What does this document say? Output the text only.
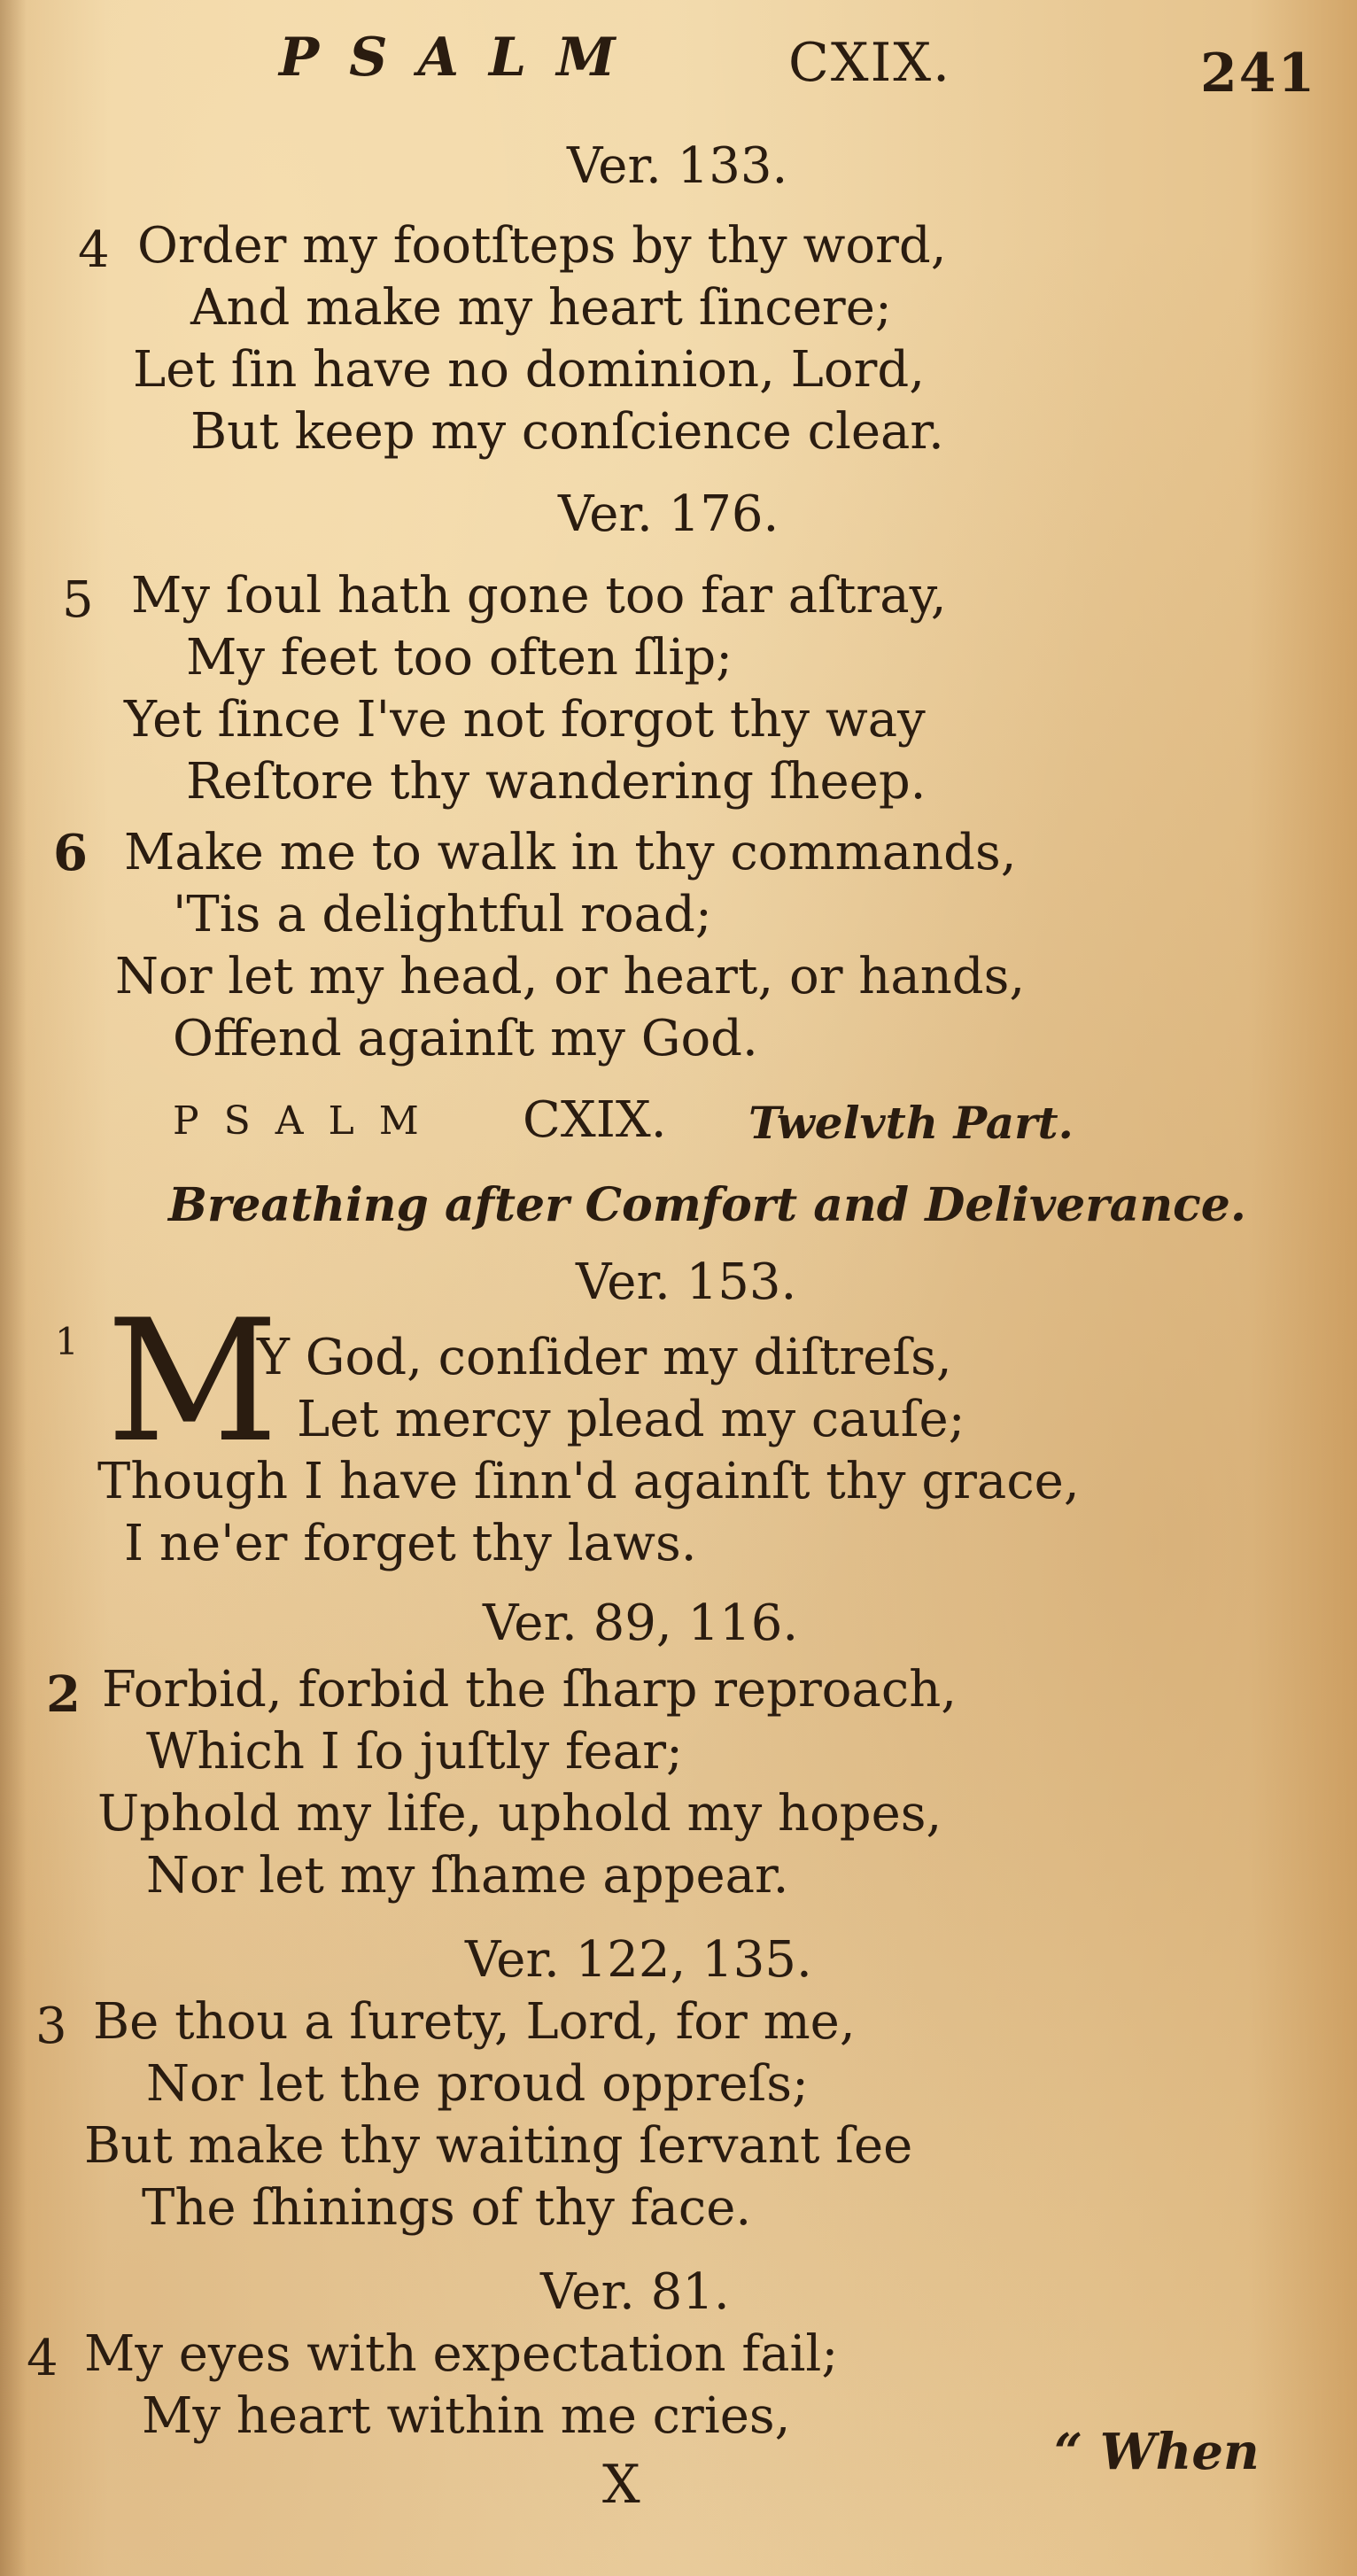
PSALM	CXIX.	241
Ver. 133.
4 Order my footſteps by thy word,
And make my heart ſincere;
Let ſin have no dominion, Lord,
But keep my conſcience clear.
Ver. 176.
5 My ſoul hath gone too far aſtray,
My feet too often ſlip;
Yet ſince I've not forgot thy way
Reſtore thy wandering ſheep.
6 Make me to walk in thy commands,
'Tis a delightful road;
Nor let my head, or heart, or hands,
Offend againſt my God.
PSALM CXIX. Twelvth Part.
Breathing after Comfort and Deliverance.
Ver. 153.
1 M
Y God, conſider my diſtreſs,
Let mercy plead my cauſe;
Though I have ſinn'd againſt thy grace,
I ne'er forget thy laws.
Ver. 89, 116.
2 Forbid, forbid the ſharp reproach,
Which I ſo juſtly fear;
Uphold my life, uphold my hopes,
Nor let my ſhame appear.
Ver. 122, 135.
3 Be thou a ſurety, Lord, for me,
Nor let the proud oppreſs;
But make thy waiting ſervant ſee
The ſhinings of thy face.
Ver. 81.
4 My eyes with expectation fail;
My heart within me cries,
X
“ When
